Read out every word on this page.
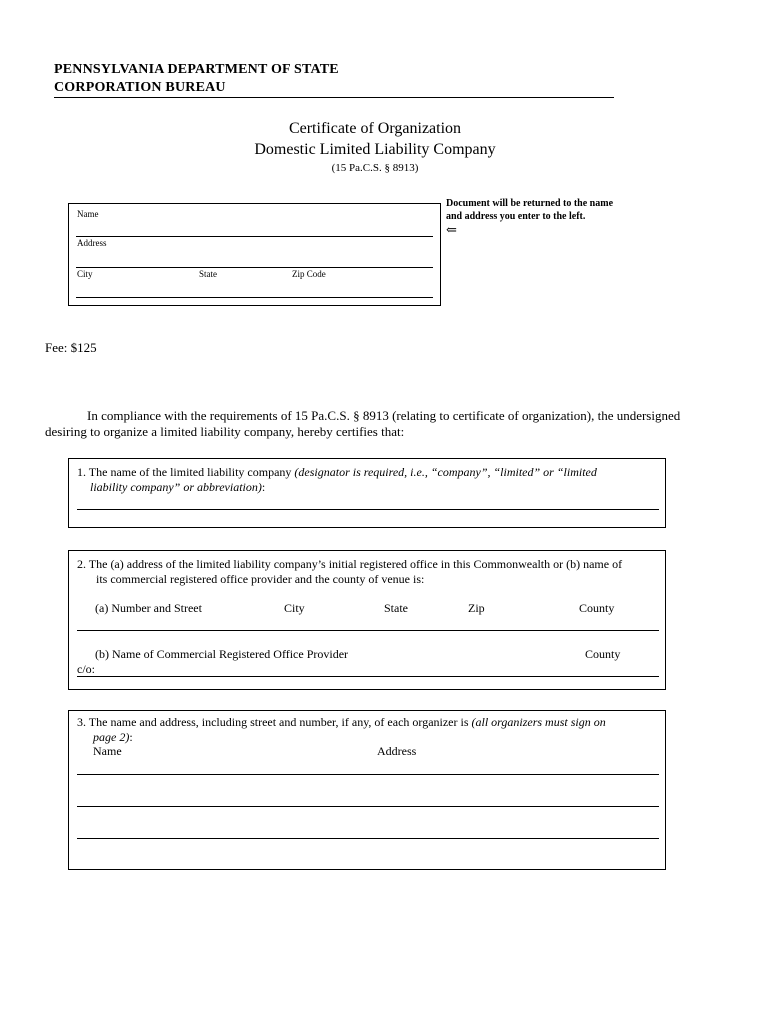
PENNSYLVANIA DEPARTMENT OF STATE
CORPORATION BUREAU
Certificate of Organization
Domestic Limited Liability Company
(15 Pa.C.S. § 8913)
Name
Address
City	State	Zip Code
Document will be returned to the name and address you enter to the left.
⇐
Fee: $125
In compliance with the requirements of 15 Pa.C.S. § 8913 (relating to certificate of organization), the undersigned
desiring to organize a limited liability company, hereby certifies that:
1. The name of the limited liability company (designator is required, i.e., “company”, “limited” or “limited
liability company” or abbreviation):
2. The (a) address of the limited liability company’s initial registered office in this Commonwealth or (b) name of
its commercial registered office provider and the county of venue is:
(a) Number and Street	City	State	Zip	County
(b) Name of Commercial Registered Office Provider	County
c/o:
3. The name and address, including street and number, if any, of each organizer is (all organizers must sign on
page 2):
Name	Address
